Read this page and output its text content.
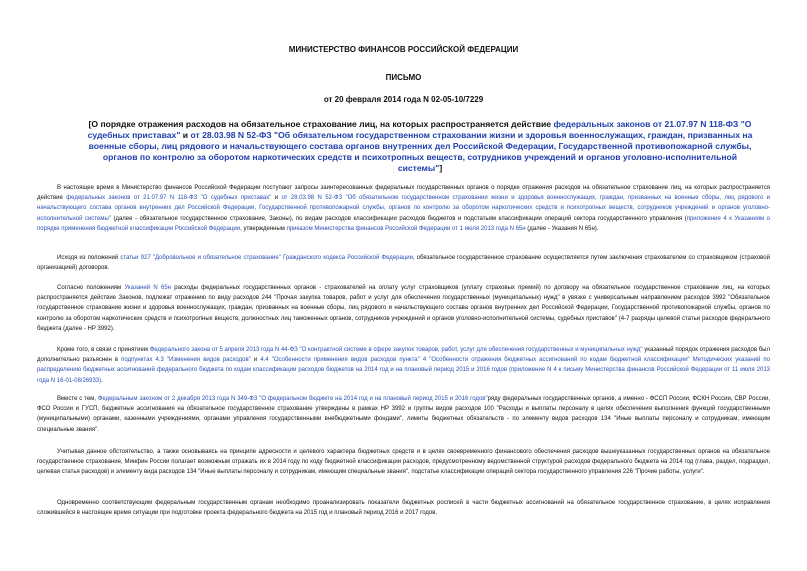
МИНИСТЕРСТВО ФИНАНСОВ РОССИЙСКОЙ ФЕДЕРАЦИИ
ПИСЬМО
от 20 февраля 2014 года N 02-05-10/7229
[О порядке отражения расходов на обязательное страхование лиц, на которых распространяется действие федеральных законов от 21.07.97 N 118-ФЗ "О судебных приставах" и от 28.03.98 N 52-ФЗ "Об обязательном государственном страховании жизни и здоровья военнослужащих, граждан, призванных на военные сборы, лиц рядового и начальствующего состава органов внутренних дел Российской Федерации, Государственной противопожарной службы, органов по контролю за оборотом наркотических средств и психотропных веществ, сотрудников учреждений и органов уголовно-исполнительной системы"]

В настоящее время в Министерство финансов Российской Федерации поступают запросы заинтересованных федеральных государственных органов о порядке отражения расходов на обязательное страхование лиц, на которых распространяется действие федеральных законов от 21.07.97 N 118-ФЗ "О судебных приставах" и от 28.03.98 N 52-ФЗ "Об обязательном государственном страховании жизни и здоровья военнослужащих, граждан, призванных на военные сборы, лиц рядового и начальствующего состава органов внутренних дел Российской Федерации, Государственной противопожарной службы, органов по контролю за оборотом наркотических средств и психотропных веществ, сотрудников учреждений и органов уголовно-исполнительной системы" (далее - обязательное государственное страхование, Законы), по видам расходов классификации расходов бюджетов и подстатьям классификации операций сектора государственного управления (приложение 4 к Указаниям о порядке применения бюджетной классификации Российской Федерации, утвержденным приказом Министерства финансов Российской Федерации от 1 июля 2013 года N 65н (далее - Указания N 65н).

Исходя из положений статьи 927 "Добровольное и обязательное страхование" Гражданского кодекса Российской Федерации, обязательное государственное страхование осуществляется путем заключения страхователем со страховщиком (страховой организацией) договоров.

Согласно положениям Указаний N 65н расходы федеральных государственных органов - страхователей на оплату услуг страховщиков (уплату страховых премий) по договору на обязательное государственное страхование лиц, на которых распространяется действие Законов, подлежат отражению по виду расходов 244 "Прочая закупка товаров, работ и услуг для обеспечения государственных (муниципальных) нужд" в увязке с универсальным направлением расходов 3992 "Обязательное государственное страхование жизни и здоровья военнослужащих, граждан, призванных на военные сборы, лиц рядового и начальствующего состава органов внутренних дел Российской Федерации, Государственной противопожарной службы, органов по контролю за оборотом наркотических средств и психотропных веществ, должностных лиц таможенных органов, сотрудников учреждений и органов уголовно-исполнительной системы, судебных приставов" (4-7 разряды целевой статьи расходов федерального бюджета (далее - НР 3992).

Кроме того, в связи с принятием Федерального закона от 5 апреля 2013 года N 44-ФЗ "О контрактной системе в сфере закупок товаров, работ, услуг для обеспечения государственных и муниципальных нужд" указанный порядок отражения расходов был дополнительно разъяснен в подпунктах 4.3 "Изменения видов расходов" и 4.4 "Особенности применения видов расходов пункта" 4 "Особенности отражения бюджетных ассигнований по кодам бюджетной классификации" Методических указаний по распределению бюджетных ассигнований федерального бюджета по кодам классификации расходов бюджетов на 2014 год и на плановый период 2015 и 2016 годов (приложение N 4 к письму Министерства финансов Российской Федерации от 11 июля 2013 года N 16-01-08/26933).

Вместе с тем, Федеральным законом от 2 декабря 2013 года N 349-ФЗ "О федеральном бюджете на 2014 год и на плановый период 2015 и 2016 годов"ряду федеральных государственных органов, а именно - ФССП России, ФСКН России, СВР России, ФСО России и ГУСП, бюджетные ассигнования на обязательное государственное страхование утверждены в рамках НР 3992 и группы видов расходов 100 "Расходы и выплаты персоналу в целях обеспечения выполнения функций государственными (муниципальными) органами, казенными учреждениями, органами управления государственными внебюджетными фондами", лимиты бюджетных обязательств - по элементу видов расходов 134 "Иные выплаты персоналу и сотрудникам, имеющим специальные звания".

Учитывая данное обстоятельство, а также основываясь на принципе адресности и целевого характера бюджетных средств и в целях своевременного финансового обеспечения расходов вышеуказанных государственных органов на обязательное государственное страхование, Минфин России полагает возможным отражать их в 2014 году по коду бюджетной классификации расходов, предусмотренному ведомственной структурой расходов федерального бюджета на 2014 год (глава, раздел, подраздел, целевая статья расходов) и элементу вида расходов 134 "Иные выплаты персоналу и сотрудникам, имеющим специальные звания", подстатье классификации операций сектора государственного управления 226 "Прочие работы, услуги".

Одновременно соответствующим федеральным государственным органам необходимо проанализировать показатели бюджетных росписей в части бюджетных ассигнований на обязательное государственное страхование, в целях исправления сложившейся в настоящее время ситуации при подготовке проекта федерального бюджета на 2015 год и плановый период 2016 и 2017 годов.
